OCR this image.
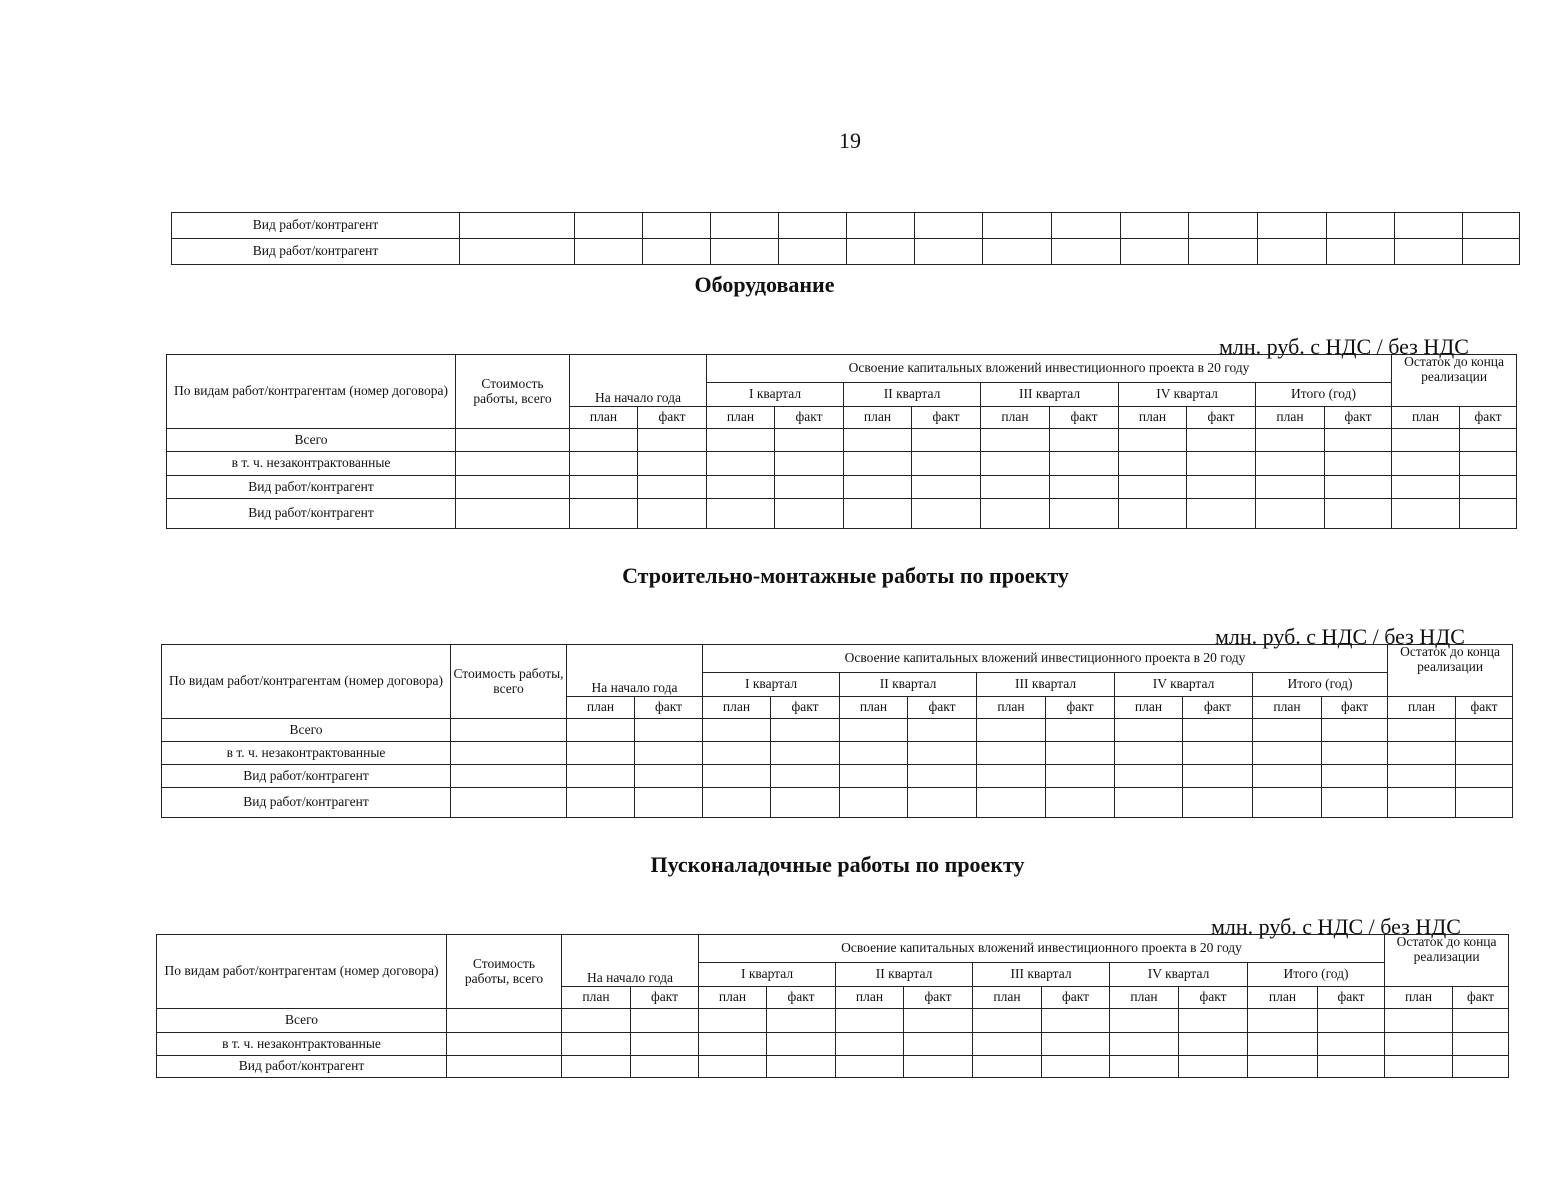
19
Вид работ/контрагент															
Вид работ/контрагент															
Оборудование
млн. руб. с НДС / без НДС
По видам работ/контрагентам (номер договора)	Стоимость работы, всего	На начало года		Освоение капитальных вложений инвестиционного проекта в 20 году										Остаток до конца реализации	
				I квартал		II квартал		III квартал		IV квартал		Итого (год)			
		план	факт	план	факт	план	факт	план	факт	план	факт	план	факт	план	факт
Всего															
в т. ч. незаконтрактованные															
Вид работ/контрагент															
Вид работ/контрагент															
Строительно-монтажные работы по проекту
млн. руб. с НДС / без НДС
По видам работ/контрагентам (номер договора)	Стоимость работы, всего	На начало года		Освоение капитальных вложений инвестиционного проекта в 20 году										Остаток до конца реализации	
				I квартал		II квартал		III квартал		IV квартал		Итого (год)			
		план	факт	план	факт	план	факт	план	факт	план	факт	план	факт	план	факт
Всего															
в т. ч. незаконтрактованные															
Вид работ/контрагент															
Вид работ/контрагент															
Пусконаладочные работы по проекту
млн. руб. с НДС / без НДС
По видам работ/контрагентам (номер договора)	Стоимость работы, всего	На начало года		Освоение капитальных вложений инвестиционного проекта в 20 году										Остаток до конца реализации	
				I квартал		II квартал		III квартал		IV квартал		Итого (год)			
		план	факт	план	факт	план	факт	план	факт	план	факт	план	факт	план	факт
Всего															
в т. ч. незаконтрактованные															
Вид работ/контрагент															
